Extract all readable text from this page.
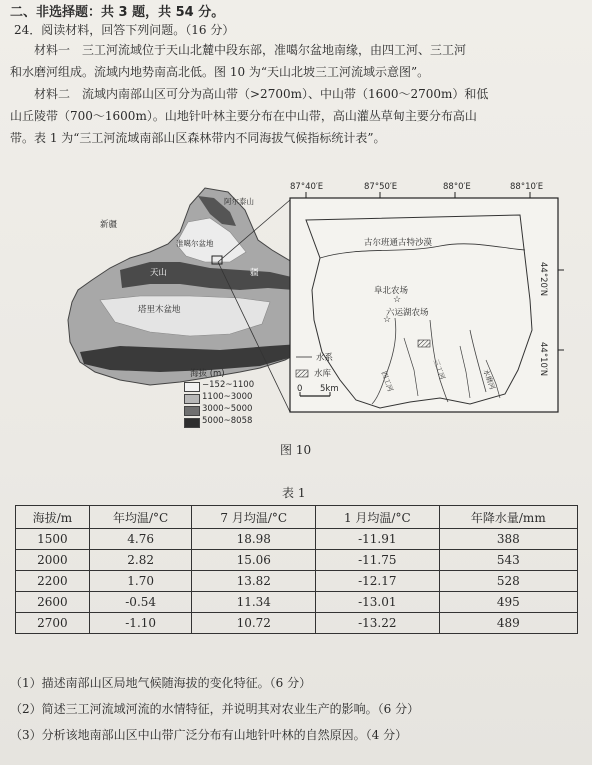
二、非选择题：共 3 题，共 54 分。
24．阅读材料，回答下列问题。（16 分）
材料一　三工河流域位于天山北麓中段东部，准噶尔盆地南缘，由四工河、三工河
和水磨河组成。流域内地势南高北低。图 10 为“天山北坡三工河流域示意图”。
材料二　流域内南部山区可分为高山带（>2700m）、中山带（1600～2700m）和低
山丘陵带（700～1600m）。山地针叶林主要分布在中山带，高山灌丛草甸主要分布高山
带。表 1 为“三工河流域南部山区森林带内不同海拔气候指标统计表”。
☆
☆
新疆
阿尔泰山
准噶尔盆地
天山
塔里木盆地
疆
87°40′E	87°50′E	88°0′E	88°10′E
44°20′N
44°10′N
古尔班通古特沙漠
阜北农场
六运湖农场
四工河
三工河	水磨河
水系
水库
0 5km
海拔 (m)
−152~1100
1100~3000
3000~5000
5000~8058
图 10
表 1
海拔/m	年均温/°C	7 月均温/°C	1 月均温/°C	年降水量/mm
1500	4.76	18.98	-11.91	388
2000	2.82	15.06	-11.75	543
2200	1.70	13.82	-12.17	528
2600	-0.54	11.34	-13.01	495
2700	-1.10	10.72	-13.22	489
（1）描述南部山区局地气候随海拔的变化特征。（6 分）
（2）简述三工河流域河流的水情特征，并说明其对农业生产的影响。（6 分）
（3）分析该地南部山区中山带广泛分布有山地针叶林的自然原因。（4 分）
